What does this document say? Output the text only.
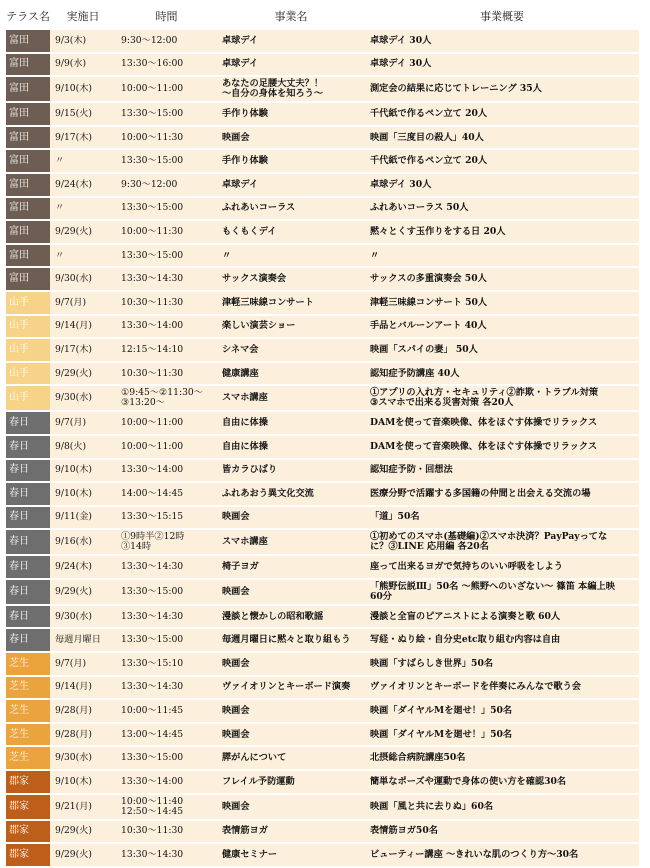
テラス名	実施日	時間	事業名	事業概要
富田	9/3(木)	9:30～12:00	卓球デイ	卓球デイ 30人
富田	9/9(水)	13:30～16:00	卓球デイ	卓球デイ 30人
富田	9/10(木)	10:00～11:00	あなたの足腰大丈夫？！
～自分の身体を知ろう～	測定会の結果に応じてトレーニング 35人
富田	9/15(火)	13:30～15:00	手作り体験	千代紙で作るペン立て 20人
富田	9/17(木)	10:00～11:30	映画会	映画「三度目の殺人」40人
富田	〃	13:30～15:00	手作り体験	千代紙で作るペン立て 20人
富田	9/24(木)	9:30～12:00	卓球デイ	卓球デイ 30人
富田	〃	13:30～15:00	ふれあいコーラス	ふれあいコーラス 50人
富田	9/29(火)	10:00～11:30	もくもくデイ	黙々とくす玉作りをする日 20人
富田	〃	13:30～15:00	〃	〃
富田	9/30(水)	13:30～14:30	サックス演奏会	サックスの多重演奏会 50人
山手	9/7(月)	10:30～11:30	津軽三味線コンサート	津軽三味線コンサート 50人
山手	9/14(月)	13:30～14:00	楽しい演芸ショー	手品とバルーンアート 40人
山手	9/17(木)	12:15～14:10	シネマ会	映画「スパイの妻」 50人
山手	9/29(火)	10:30～11:30	健康講座	認知症予防講座 40人
山手	9/30(水)	①9:45～②11:30～
③13:20～	スマホ講座	①アプリの入れ方・セキュリティ②詐欺・トラブル対策
③スマホで出来る災害対策 各20人
春日	9/7(月)	10:00～11:00	自由に体操	DAMを使って音楽映像、体をほぐす体操でリラックス
春日	9/8(火)	10:00～11:00	自由に体操	DAMを使って音楽映像、体をほぐす体操でリラックス
春日	9/10(木)	13:30～14:00	皆カラひばり	認知症予防・回想法
春日	9/10(木)	14:00～14:45	ふれあおう異文化交流	医療分野で活躍する多国籍の仲間と出会える交流の場
春日	9/11(金)	13:30～15:15	映画会	「道」50名
春日	9/16(水)	①9時半②12時
③14時	スマホ講座	①初めてのスマホ(基礎編)②スマホ決済？PayPayってな
に？③LINE 応用編 各20名
春日	9/24(木)	13:30～14:30	椅子ヨガ	座って出来るヨガで気持ちのいい呼吸をしよう
春日	9/29(火)	13:30～15:00	映画会	「熊野伝説Ⅲ」50名 ～熊野へのいざない～ 篠笛 本編上映
60分
春日	9/30(水)	13:30～14:30	漫談と懐かしの昭和歌謡	漫談と全盲のピアニストによる演奏と歌 60人
春日	毎週月曜日	13:30～15:00	毎週月曜日に黙々と取り組もう	写経・ぬり絵・自分史etc取り組む内容は自由
芝生	9/7(月)	13:30～15:10	映画会	映画「すばらしき世界」50名
芝生	9/14(月)	13:30～14:30	ヴァイオリンとキーボード演奏	ヴァイオリンとキーボードを伴奏にみんなで歌う会
芝生	9/28(月)	10:00～11:45	映画会	映画「ダイヤルMを廻せ！」50名
芝生	9/28(月)	13:00～14:45	映画会	映画「ダイヤルMを廻せ！」50名
芝生	9/30(水)	13:30～15:00	膵がんについて	北摂総合病院講座50名
郡家	9/10(木)	13:30～14:00	フレイル予防運動	簡単なポーズや運動で身体の使い方を確認30名
郡家	9/21(月)	10:00～11:40
12:50～14:45	映画会	映画「風と共に去りぬ」60名
郡家	9/29(火)	10:30～11:30	表情筋ヨガ	表情筋ヨガ50名
郡家	9/29(火)	13:30～14:30	健康セミナー	ビューティー講座 ～きれいな肌のつくり方～30名
